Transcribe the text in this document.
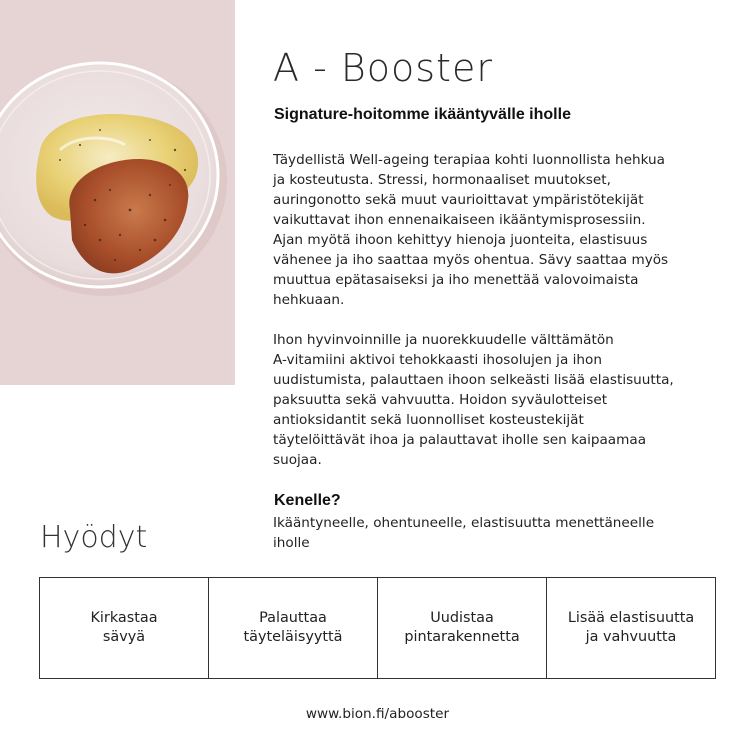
A - Booster
Signature-hoitomme ikääntyvälle iholle
Täydellistä Well-ageing terapiaa kohti luonnollista hehkua
ja kosteutusta. Stressi, hormonaaliset muutokset,
auringonotto sekä muut vaurioittavat ympäristötekijät
vaikuttavat ihon ennenaikaiseen ikääntymisprosessiin.
Ajan myötä ihoon kehittyy hienoja juonteita, elastisuus
vähenee ja iho saattaa myös ohentua. Sävy saattaa myös
muuttua epätasaiseksi ja iho menettää valovoimaista
hehkuaan.
Ihon hyvinvoinnille ja nuorekkuudelle välttämätön
A-vitamiini aktivoi tehokkaasti ihosolujen ja ihon
uudistumista, palauttaen ihoon selkeästi lisää elastisuutta,
paksuutta sekä vahvuutta. Hoidon syväulotteiset
antioksidantit sekä luonnolliset kosteustekijät
täytelöittävät ihoa ja palauttavat iholle sen kaipaamaa
suojaa.
Kenelle?
Ikääntyneelle, ohentuneelle, elastisuutta menettäneelle
iholle
Hyödyt
Kirkastaa
sävyä
Palauttaa
täyteläisyyttä
Uudistaa
pintarakennetta
Lisää elastisuutta
ja vahvuutta
www.bion.fi/abooster
